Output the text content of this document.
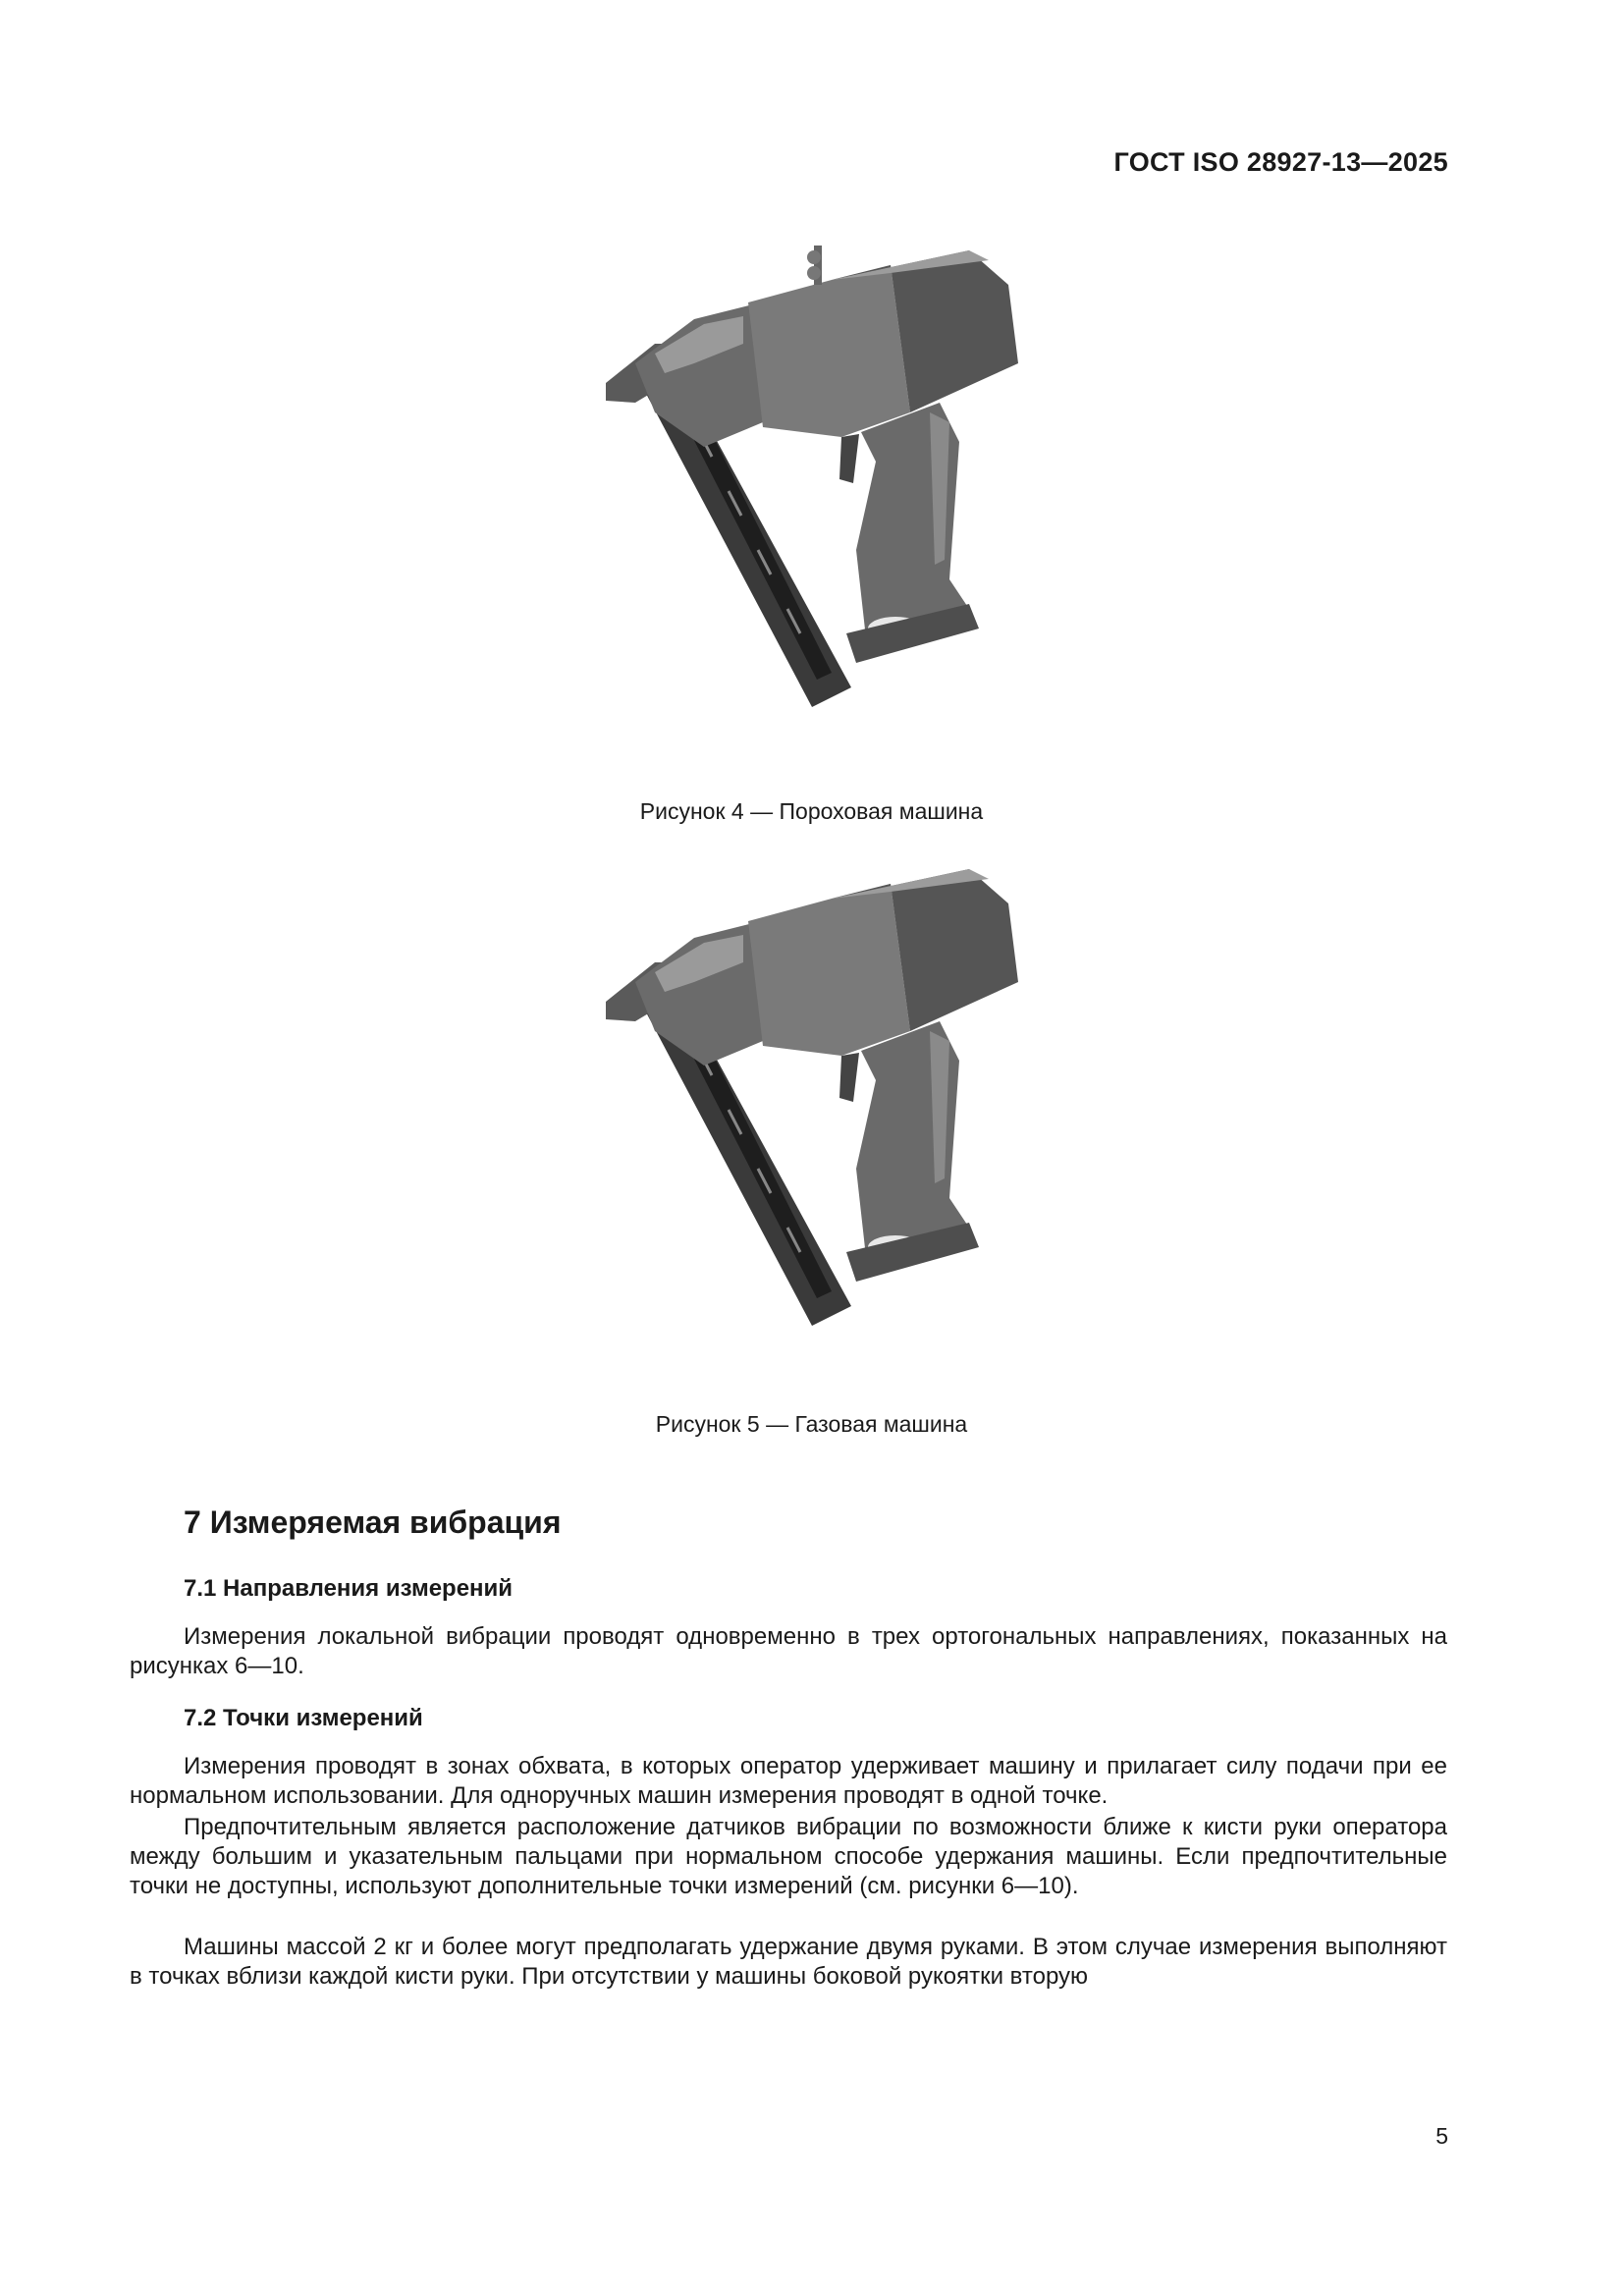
ГОСТ ISO 28927-13—2025
Рисунок 4 — Пороховая машина
Рисунок 5 — Газовая машина
7 Измеряемая вибрация
7.1 Направления измерений

Измерения локальной вибрации проводят одновременно в трех ортогональных направлениях, показанных на рисунках 6—10.

7.2 Точки измерений

Измерения проводят в зонах обхвата, в которых оператор удерживает машину и прилагает силу подачи при ее нормальном использовании. Для одноручных машин измерения проводят в одной точке.

Предпочтительным является расположение датчиков вибрации по возможности ближе к кисти руки оператора между большим и указательным пальцами при нормальном способе удержания машины. Если предпочтительные точки не доступны, используют дополнительные точки измерений (см. рисунки 6—10).

Машины массой 2 кг и более могут предполагать удержание двумя руками. В этом случае измерения выполняют в точках вблизи каждой кисти руки. При отсутствии у машины боковой рукоятки вторую

5
